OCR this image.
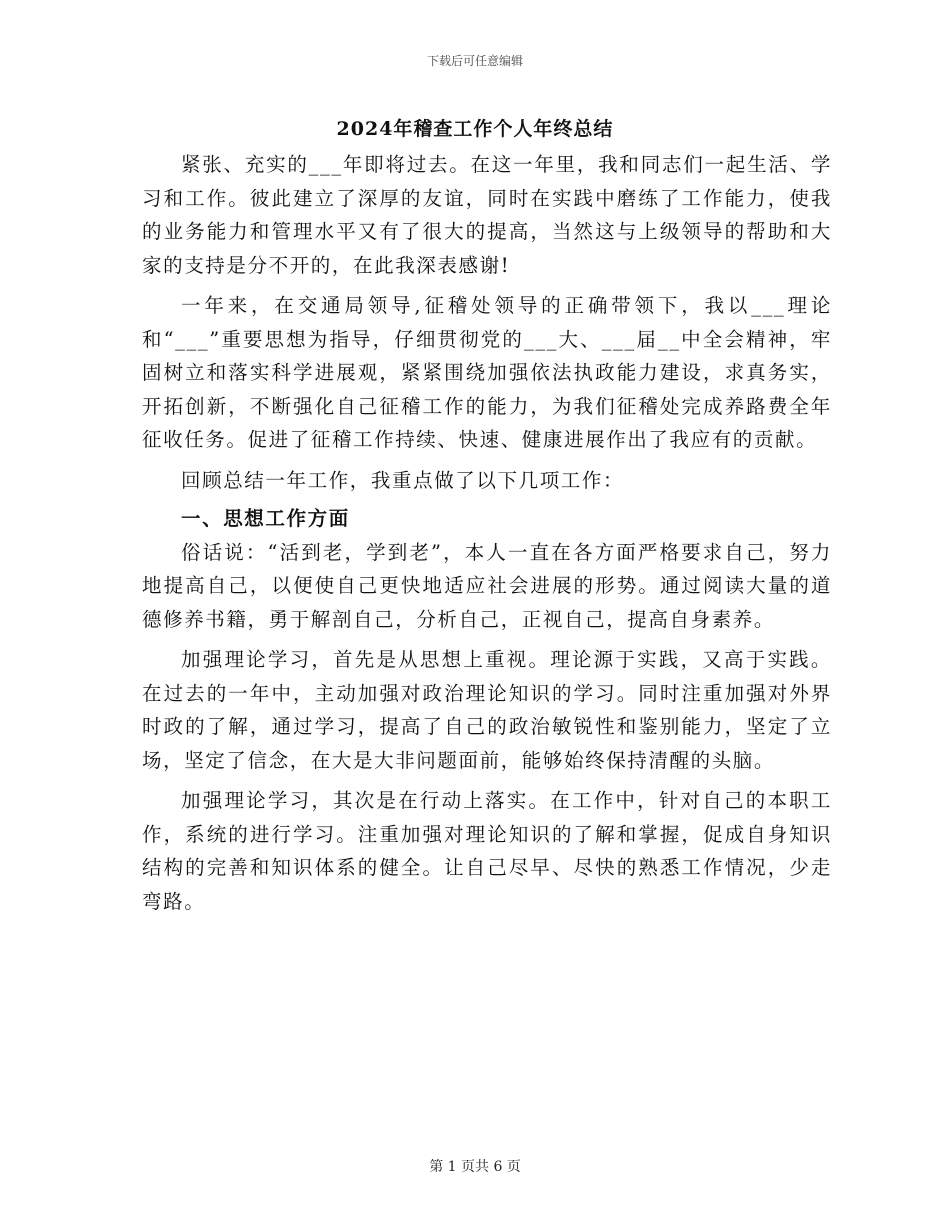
下载后可任意编辑
2024年稽查工作个人年终总结

紧张、充实的___年即将过去。在这一年里，我和同志们一起生活、学习和工作。彼此建立了深厚的友谊，同时在实践中磨练了工作能力，使我的业务能力和管理水平又有了很大的提高，当然这与上级领导的帮助和大家的支持是分不开的，在此我深表感谢!

一年来，在交通局领导,征稽处领导的正确带领下，我以___理论和“___”重要思想为指导，仔细贯彻党的___大、___届__中全会精神，牢固树立和落实科学进展观，紧紧围绕加强依法执政能力建设，求真务实，开拓创新，不断强化自己征稽工作的能力，为我们征稽处完成养路费全年征收任务。促进了征稽工作持续、快速、健康进展作出了我应有的贡献。

回顾总结一年工作，我重点做了以下几项工作：

一、思想工作方面

俗话说：“活到老，学到老”，本人一直在各方面严格要求自己，努力地提高自己，以便使自己更快地适应社会进展的形势。通过阅读大量的道德修养书籍，勇于解剖自己，分析自己，正视自己，提高自身素养。

加强理论学习，首先是从思想上重视。理论源于实践，又高于实践。在过去的一年中，主动加强对政治理论知识的学习。同时注重加强对外界时政的了解，通过学习，提高了自己的政治敏锐性和鉴别能力，坚定了立场，坚定了信念，在大是大非问题面前，能够始终保持清醒的头脑。

加强理论学习，其次是在行动上落实。在工作中，针对自己的本职工作，系统的进行学习。注重加强对理论知识的了解和掌握，促成自身知识结构的完善和知识体系的健全。让自己尽早、尽快的熟悉工作情况，少走弯路。

第 1 页共 6 页
